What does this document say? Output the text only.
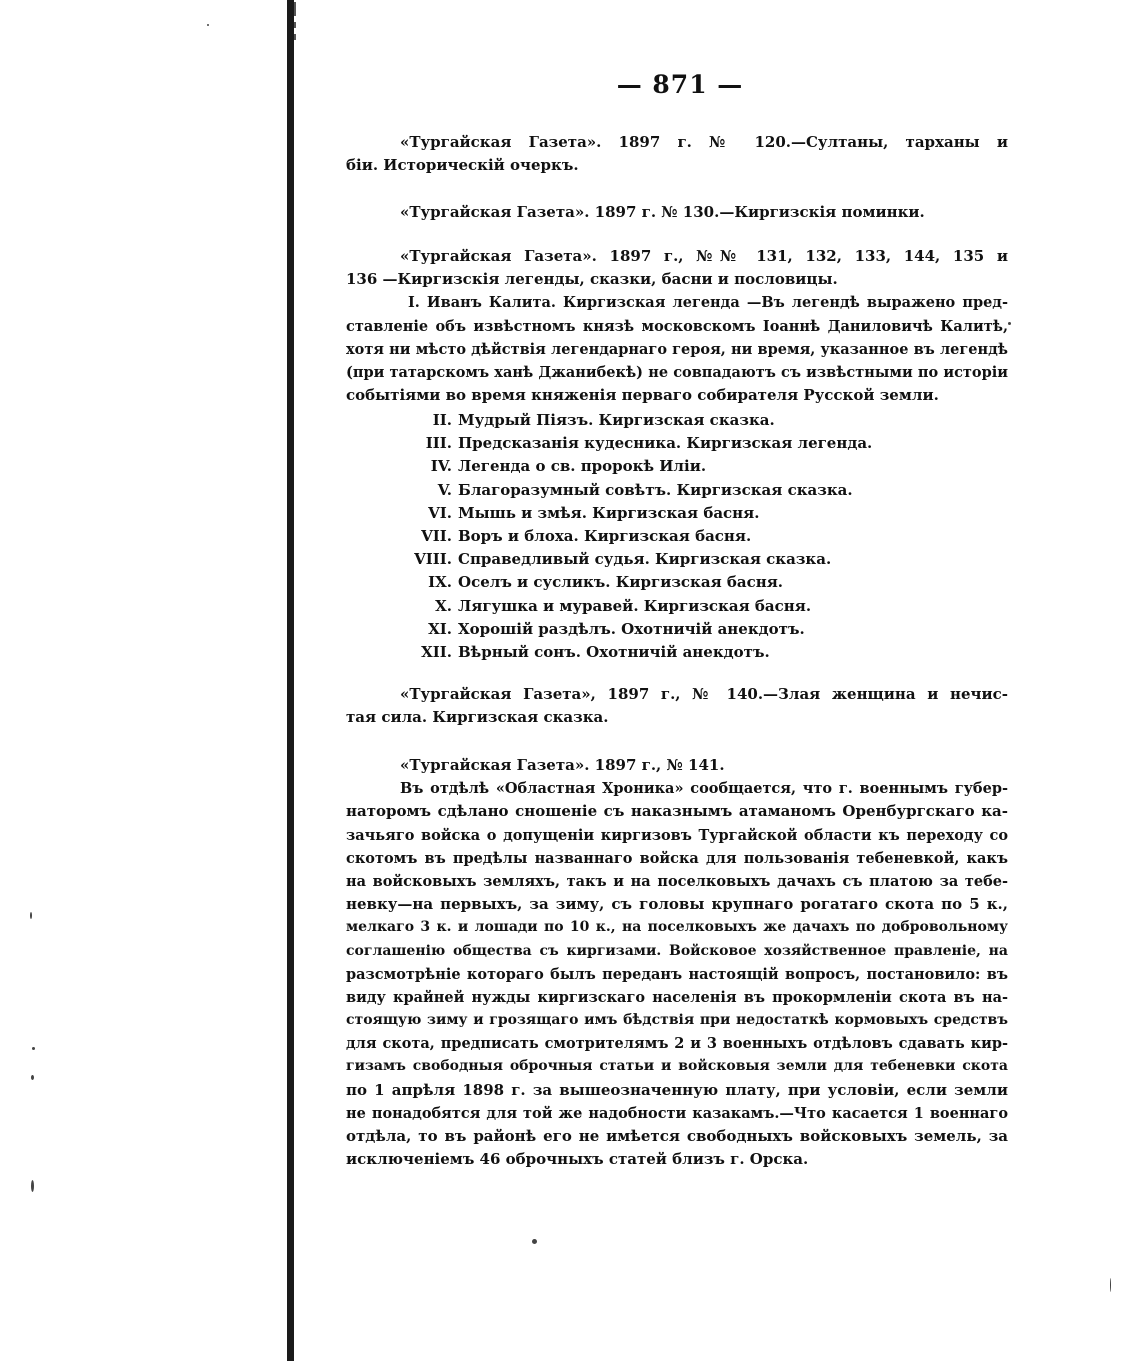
— 871 —
«Тургайская Газета». 1897 г. № 120.—Султаны, тарханы и
бiи. Историческiй очеркъ.
«Тургайская Газета». 1897 г. № 130.—Киргизскiя поминки.
«Тургайская Газета». 1897 г., №№ 131, 132, 133, 144, 135 и
136 —Киргизскiя легенды, сказки, басни и пословицы.
I. Иванъ Калита. Киргизская легенда —Въ легендѣ выражено пред-
ставленiе объ извѣстномъ князѣ московскомъ Iоаннѣ Даниловичѣ Калитѣ,
хотя ни мѣсто дѣйствiя легендарнаго героя, ни время, указанное въ легендѣ
(при татарскомъ ханѣ Джанибекѣ) не совпадаютъ съ извѣстными по исторiи
событiями во время княженiя перваго собирателя Русской земли.
II. Мудрый Пiязъ. Киргизская сказка.
III. Предсказанiя кудесника. Киргизская легенда.
IV. Легенда о св. пророкѣ Илiи.
V. Благоразумный совѣтъ. Киргизская сказка.
VI. Мышь и змѣя. Киргизская басня.
VII. Воръ и блоха. Киргизская басня.
VIII. Справедливый судья. Киргизская сказка.
IX. Оселъ и сусликъ. Киргизская басня.
X. Лягушка и муравей. Киргизская басня.
XI. Хорошiй раздѣлъ. Охотничiй анекдотъ.
XII. Вѣрный сонъ. Охотничiй анекдотъ.
«Тургайская Газета», 1897 г., № 140.—Злая женщина и нечис-
тая сила. Киргизская сказка.
«Тургайская Газета». 1897 г., № 141.
Въ отдѣлѣ «Областная Хроника» сообщается, что г. военнымъ губер-
наторомъ сдѣлано сношенiе съ наказнымъ атаманомъ Оренбургскаго ка-
зачьяго войска о допущенiи киргизовъ Тургайской области къ переходу со
скотомъ въ предѣлы названнаго войска для пользованiя тебеневкой, какъ
на войсковыхъ земляхъ, такъ и на поселковыхъ дачахъ съ платою за тебе-
невку—на первыхъ, за зиму, съ головы крупнаго рогатаго скота по 5 к.,
мелкаго 3 к. и лошади по 10 к., на поселковыхъ же дачахъ по добровольному
соглашенiю общества съ киргизами. Войсковое хозяйственное правленiе, на
разсмотрѣнiе котораго былъ переданъ настоящiй вопросъ, постановило: въ
виду крайней нужды киргизскаго населенiя въ прокормленiи скота въ на-
стоящую зиму и грозящаго имъ бѣдствiя при недостаткѣ кормовыхъ средствъ
для скота, предписать смотрителямъ 2 и 3 военныхъ отдѣловъ сдавать кир-
гизамъ свободныя оброчныя статьи и войсковыя земли для тебеневки скота
по 1 апрѣля 1898 г. за вышеозначенную плату, при условiи, если земли
не понадобятся для той же надобности казакамъ.—Что касается 1 военнаго
отдѣла, то въ районѣ его не имѣется свободныхъ войсковыхъ земель, за
исключенiемъ 46 оброчныхъ статей близъ г. Орска.
